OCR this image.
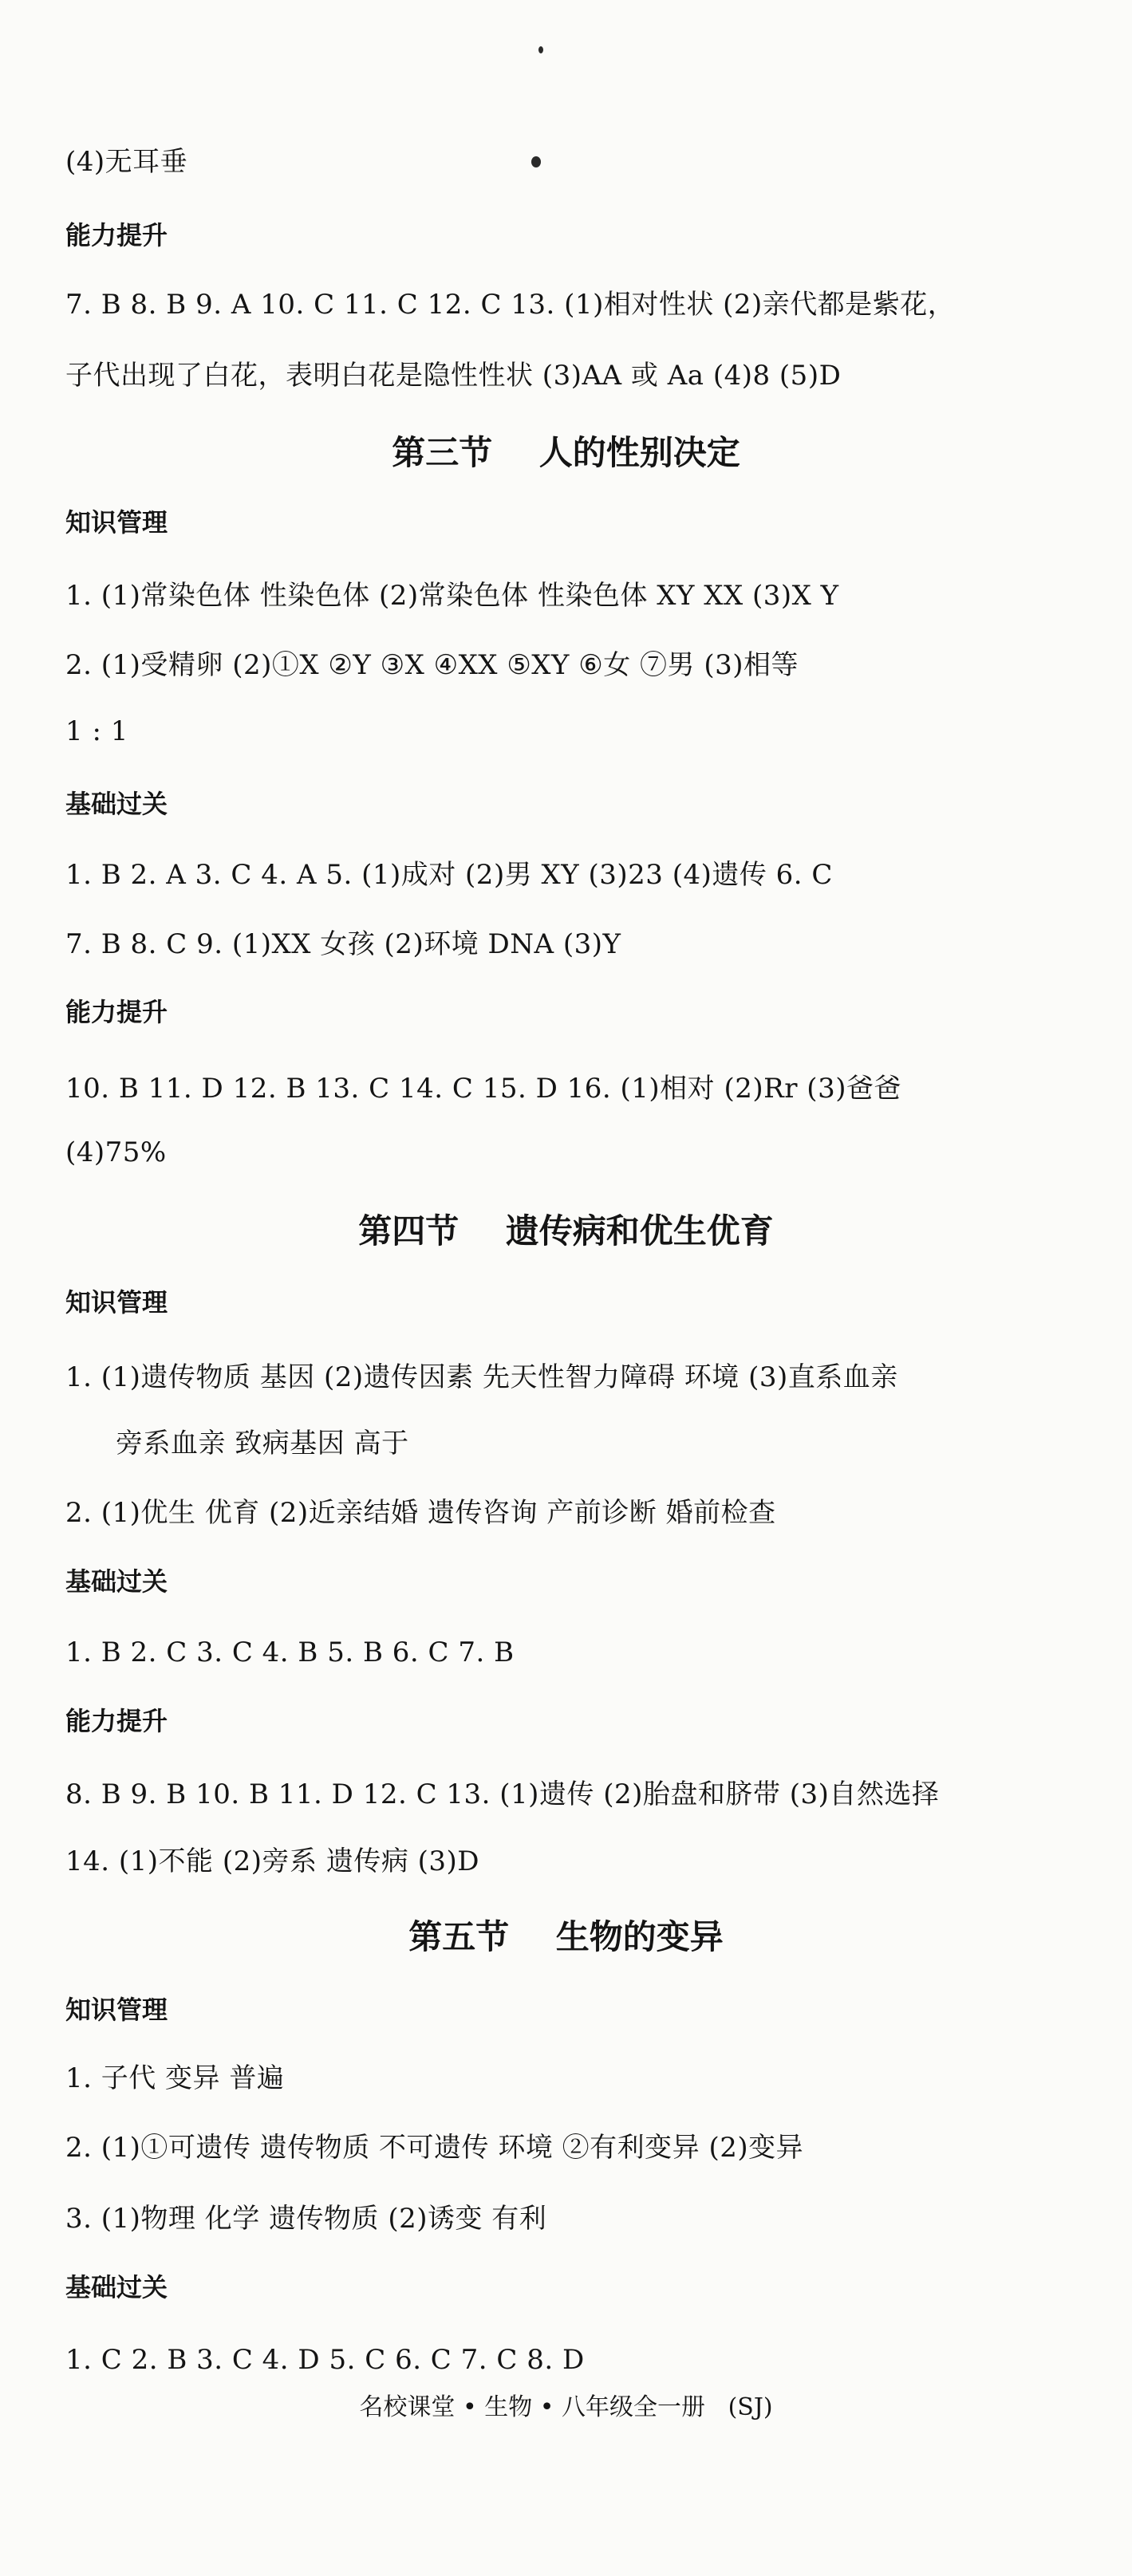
(4)无耳垂
能力提升
7. B 8. B 9. A 10. C 11. C 12. C 13. (1)相对性状 (2)亲代都是紫花，
子代出现了白花，表明白花是隐性性状 (3)AA 或 Aa (4)8 (5)D
第三节    人的性别决定
知识管理
1. (1)常染色体 性染色体 (2)常染色体 性染色体 XY XX (3)X Y
2. (1)受精卵 (2)①X ②Y ③X ④XX ⑤XY ⑥女 ⑦男 (3)相等
1 : 1
基础过关
1. B 2. A 3. C 4. A 5. (1)成对 (2)男 XY (3)23 (4)遗传 6. C
7. B 8. C 9. (1)XX 女孩 (2)环境 DNA (3)Y
能力提升
10. B 11. D 12. B 13. C 14. C 15. D 16. (1)相对 (2)Rr (3)爸爸
(4)75%
第四节    遗传病和优生优育
知识管理
1. (1)遗传物质 基因 (2)遗传因素 先天性智力障碍 环境 (3)直系血亲
旁系血亲 致病基因 高于
2. (1)优生 优育 (2)近亲结婚 遗传咨询 产前诊断 婚前检查
基础过关
1. B 2. C 3. C 4. B 5. B 6. C 7. B
能力提升
8. B 9. B 10. B 11. D 12. C 13. (1)遗传 (2)胎盘和脐带 (3)自然选择
14. (1)不能 (2)旁系 遗传病 (3)D
第五节    生物的变异
知识管理
1. 子代 变异 普遍
2. (1)①可遗传 遗传物质 不可遗传 环境 ②有利变异 (2)变异
3. (1)物理 化学 遗传物质 (2)诱变 有利
基础过关
1. C 2. B 3. C 4. D 5. C 6. C 7. C 8. D
名校课堂 • 生物 • 八年级全一册   (SJ)
